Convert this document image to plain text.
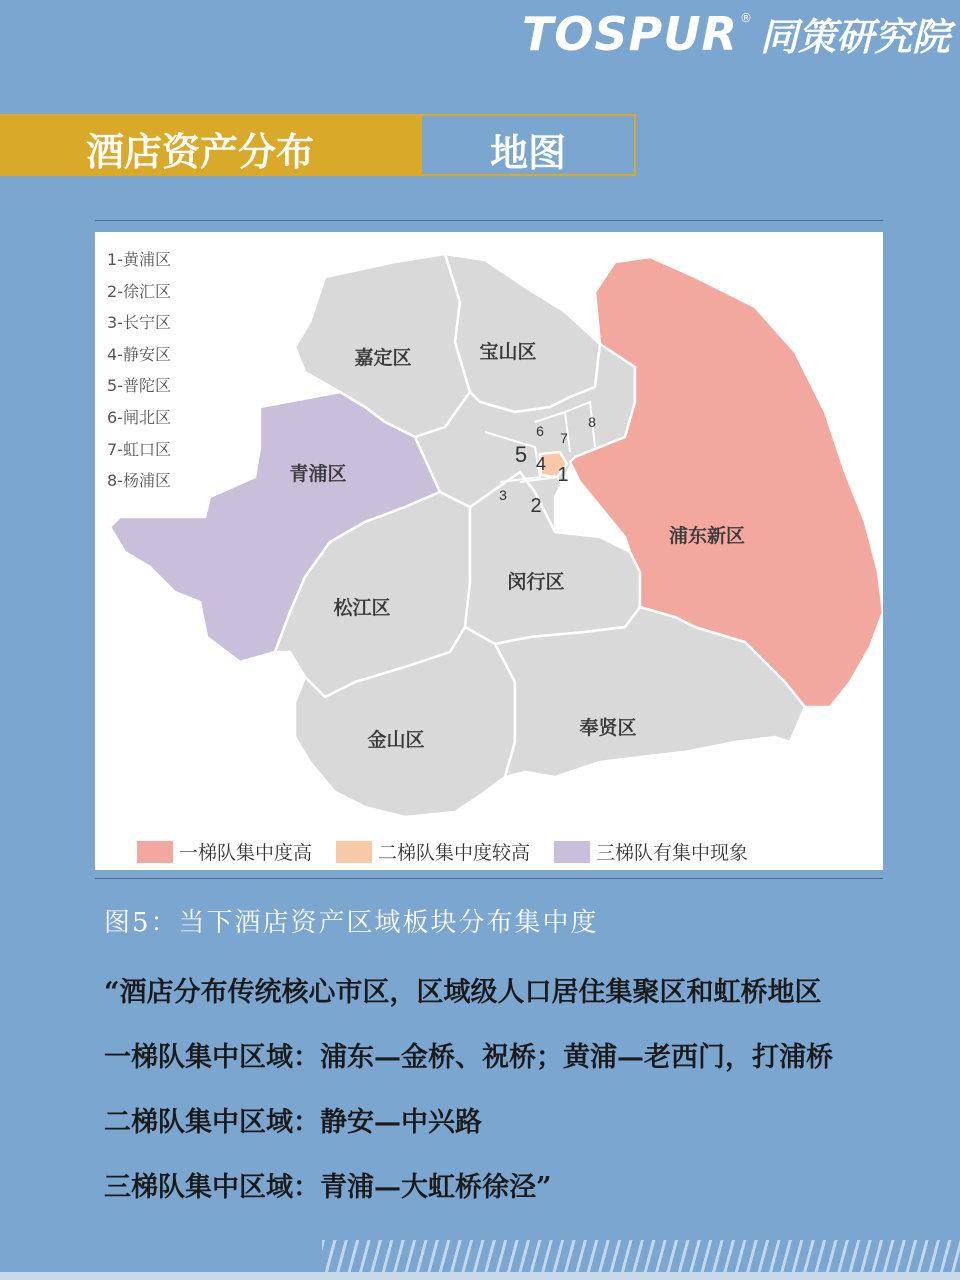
TOSPUR ® 同策研究院
酒店资产分布	地图
嘉定区	宝山区
青浦区
浦东新区
松江区
闵行区
金山区
奉贤区
1
2
3
4
5
6 7
8
1-黄浦区
2-徐汇区
3-长宁区
4-静安区
5-普陀区
6-闸北区
7-虹口区
8-杨浦区
一梯队集中度高	二梯队集中度较高	三梯队有集中现象
图5：当下酒店资产区域板块分布集中度
“酒店分布传统核心市区，区域级人口居住集聚区和虹桥地区
一梯队集中区域：浦东—金桥、祝桥；黄浦—老西门，打浦桥
二梯队集中区域：静安—中兴路
三梯队集中区域：青浦—大虹桥徐泾”
